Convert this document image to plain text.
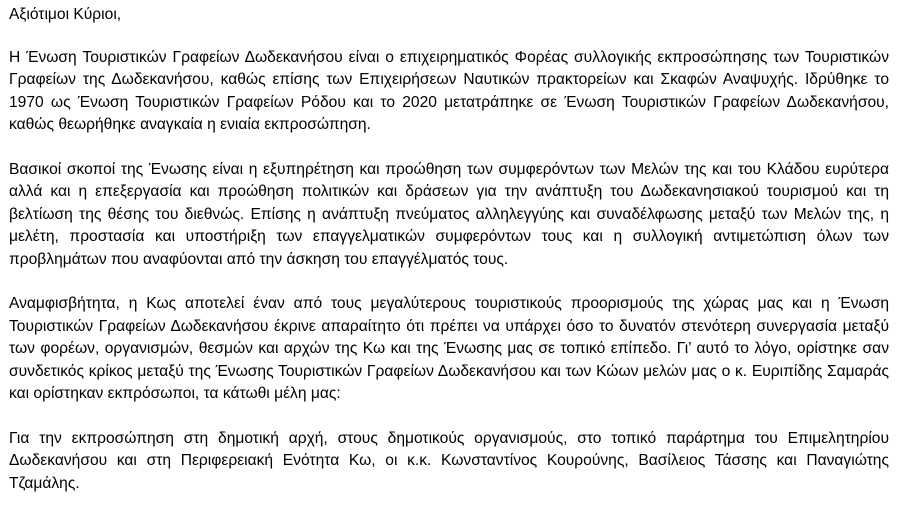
Αξιότιμοι Κύριοι,

Η Ένωση Τουριστικών Γραφείων Δωδεκανήσου είναι ο επιχειρηματικός Φορέας συλλογικής εκπροσώπησης των Τουριστικών Γραφείων της Δωδεκανήσου, καθώς επίσης των Επιχειρήσεων Ναυτικών πρακτορείων και Σκαφών Αναψυχής. Ιδρύθηκε το 1970 ως Ένωση Τουριστικών Γραφείων Ρόδου και το 2020 μετατράπηκε σε Ένωση Τουριστικών Γραφείων Δωδεκανήσου, καθώς θεωρήθηκε αναγκαία η ενιαία εκπροσώπηση.

Βασικοί σκοποί της Ένωσης είναι η εξυπηρέτηση και προώθηση των συμφερόντων των Μελών της και του Κλάδου ευρύτερα αλλά και η επεξεργασία και προώθηση πολιτικών και δράσεων για την ανάπτυξη του Δωδεκανησιακού τουρισμού και τη βελτίωση της θέσης του διεθνώς. Επίσης η ανάπτυξη πνεύματος αλληλεγγύης και συναδέλφωσης μεταξύ των Μελών της, η μελέτη, προστασία και υποστήριξη των επαγγελματικών συμφερόντων τους και η συλλογική αντιμετώπιση όλων των προβλημάτων που αναφύονται από την άσκηση του επαγγέλματός τους.

Αναμφισβήτητα, η Κως αποτελεί έναν από τους μεγαλύτερους τουριστικούς προορισμούς της χώρας μας και η Ένωση Τουριστικών Γραφείων Δωδεκανήσου έκρινε απαραίτητο ότι πρέπει να υπάρχει όσο το δυνατόν στενότερη συνεργασία μεταξύ των φορέων, οργανισμών, θεσμών και αρχών της Κω και της Ένωσης μας σε τοπικό επίπεδο. Γι’ αυτό το λόγο, ορίστηκε σαν συνδετικός κρίκος μεταξύ της Ένωσης Τουριστικών Γραφείων Δωδεκανήσου και των Κώων μελών μας ο κ. Ευριπίδης Σαμαράς και ορίστηκαν εκπρόσωποι, τα κάτωθι μέλη μας:

Για την εκπροσώπηση στη δημοτική αρχή, στους δημοτικούς οργανισμούς, στο τοπικό παράρτημα του Επιμελητηρίου Δωδεκανήσου και στη Περιφερειακή Ενότητα Κω, οι κ.κ. Κωνσταντίνος Κουρούνης, Βασίλειος Τάσσης και Παναγιώτης Τζαμάλης.
